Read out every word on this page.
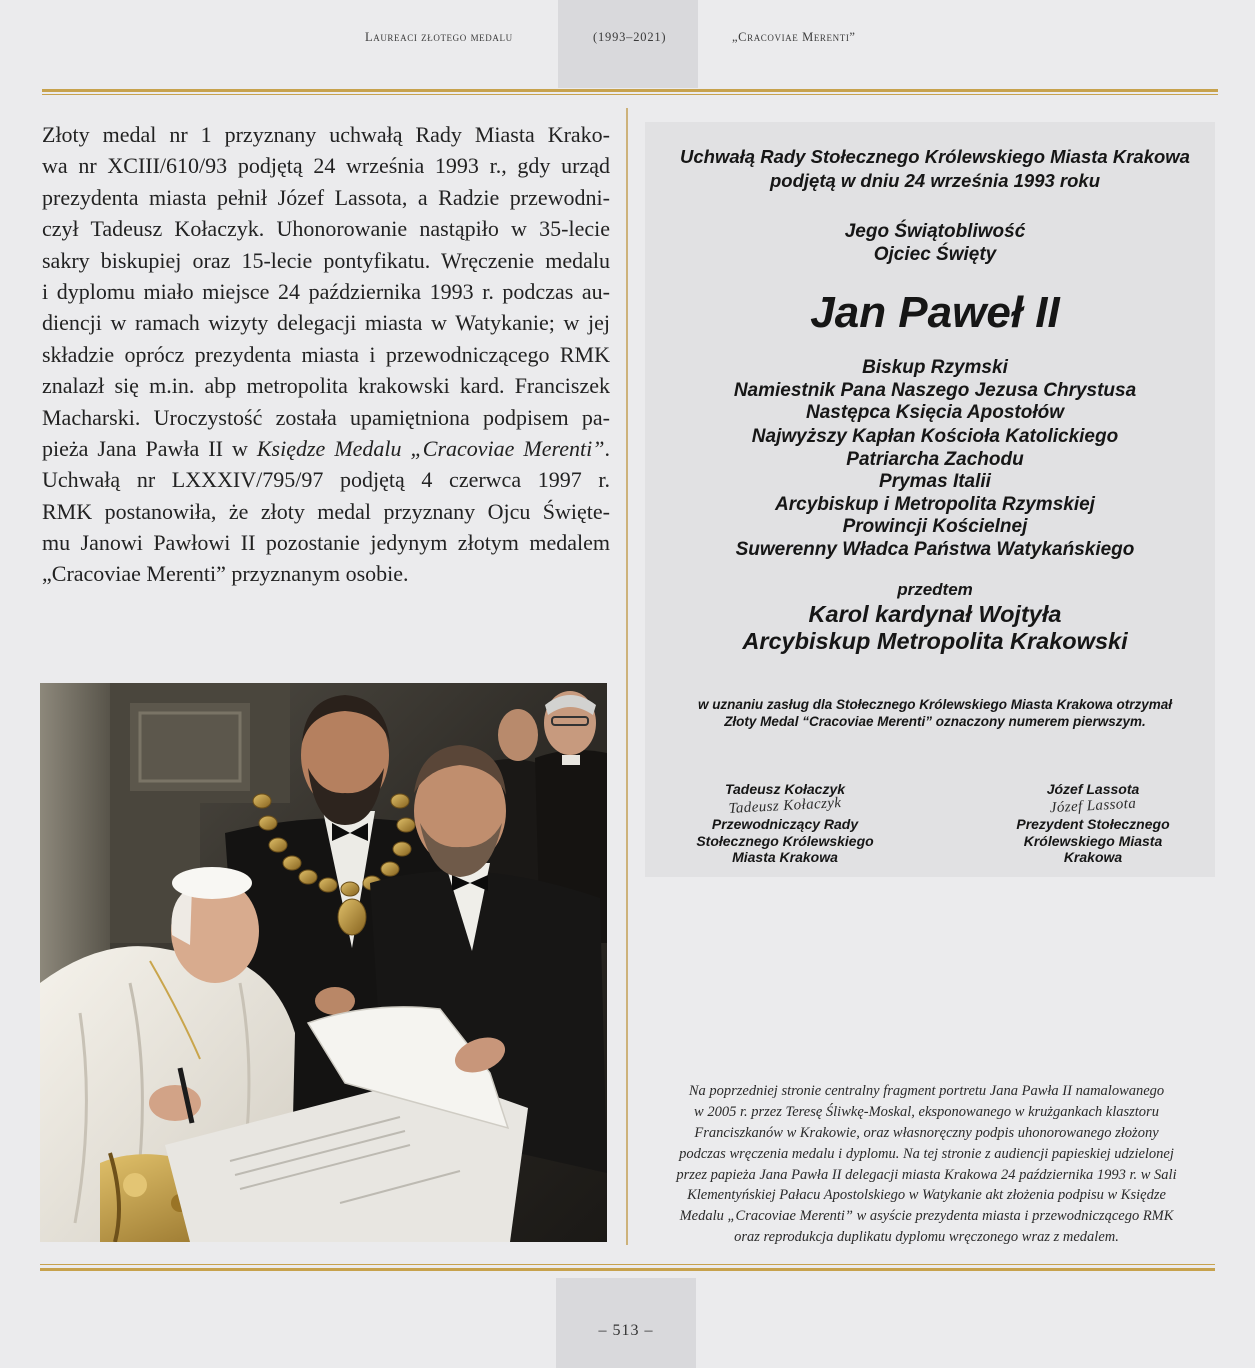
Laureaci złotego medalu	(1993–2021)	„Cracoviae Merenti”
Złoty medal nr 1 przyznany uchwałą Rady Miasta Krako-
wa nr XCIII/610/93 podjętą 24 września 1993 r., gdy urząd
prezydenta miasta pełnił Józef Lassota, a Radzie przewodni-
czył Tadeusz Kołaczyk. Uhonorowanie nastąpiło w 35-lecie
sakry biskupiej oraz 15-lecie pontyfikatu. Wręczenie medalu
i dyplomu miało miejsce 24 października 1993 r. podczas au-
diencji w ramach wizyty delegacji miasta w Watykanie; w jej
składzie oprócz prezydenta miasta i przewodniczącego RMK
znalazł się m.in. abp metropolita krakowski kard. Franciszek
Macharski. Uroczystość została upamiętniona podpisem pa-
pieża Jana Pawła II w Księdze Medalu „Cracoviae Merenti”.
Uchwałą nr LXXXIV/795/97 podjętą 4 czerwca 1997 r.
RMK postanowiła, że złoty medal przyznany Ojcu Święte-
mu Janowi Pawłowi II pozostanie jedynym złotym medalem
„Cracoviae Merenti” przyznanym osobie.
Uchwałą Rady Stołecznego Królewskiego Miasta Krakowa
podjętą w dniu 24 września 1993 roku
Jego Świątobliwość
Ojciec Święty
Jan Paweł II
Biskup Rzymski
Namiestnik Pana Naszego Jezusa Chrystusa
Następca Księcia Apostołów
Najwyższy Kapłan Kościoła Katolickiego
Patriarcha Zachodu
Prymas Italii
Arcybiskup i Metropolita Rzymskiej
Prowincji Kościelnej
Suwerenny Władca Państwa Watykańskiego
przedtem
Karol kardynał Wojtyła
Arcybiskup Metropolita Krakowski
w uznaniu zasług dla Stołecznego Królewskiego Miasta Krakowa otrzymał
Złoty Medal “Cracoviae Merenti” oznaczony numerem pierwszym.
Tadeusz Kołaczyk
Tadeusz Kołaczyk
Przewodniczący Rady
Stołecznego Królewskiego
Miasta Krakowa
Józef Lassota
Józef Lassota
Prezydent Stołecznego
Królewskiego Miasta
Krakowa
Na poprzedniej stronie centralny fragment portretu Jana Pawła II namalowanego
w 2005 r. przez Teresę Śliwkę-Moskal, eksponowanego w krużgankach klasztoru
Franciszkanów w Krakowie, oraz własnoręczny podpis uhonorowanego złożony
podczas wręczenia medalu i dyplomu. Na tej stronie z audiencji papieskiej udzielonej
przez papieża Jana Pawła II delegacji miasta Krakowa 24 października 1993 r. w Sali
Klementyńskiej Pałacu Apostolskiego w Watykanie akt złożenia podpisu w Księdze
Medalu „Cracoviae Merenti” w asyście prezydenta miasta i przewodniczącego RMK
oraz reprodukcja duplikatu dyplomu wręczonego wraz z medalem.
– 513 –
